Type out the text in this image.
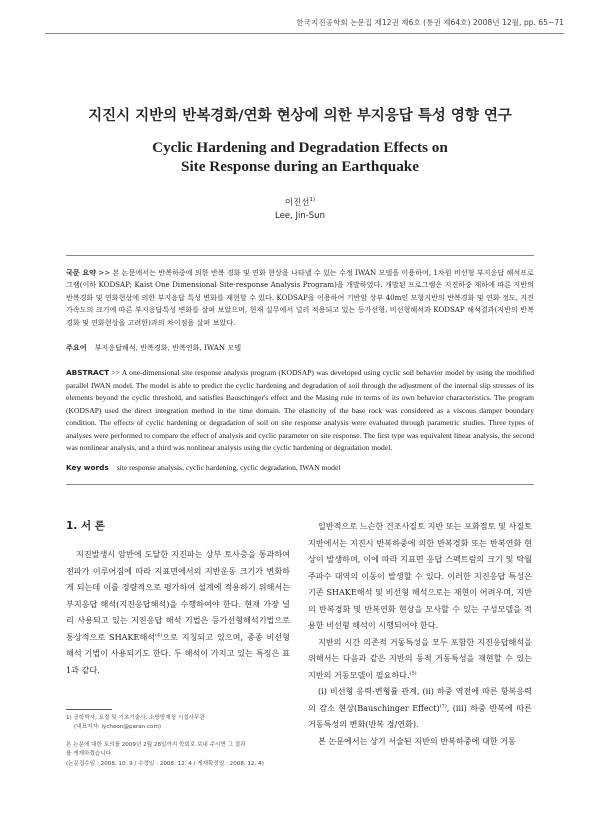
한국지진공학회 논문집 제12권 제6호 (통권 제64호) 2008년 12월, pp. 65~71
지진시 지반의 반복경화/연화 현상에 의한 부지응답 특성 영향 연구
Cyclic Hardening and Degradation Effects on
Site Response during an Earthquake
이진선$^{1)}$
Lee, Jin-Sun
국문 요약 >> 본 논문에서는 반복하중에 의한 반복 경화 및 연화 현상을 나타낼 수 있는 수정 IWAN 모델을 이용하여, 1차원 비선형 부지응답 해석프로그램(이하 KODSAP; Kaist One Dimensional Site-response Analysis Program)을 개발하였다. 개발된 프로그램은 지진하중 재하에 따른 지반의 반복경화 및 연화현상에 의한 부지응답 특성 변화를 재현할 수 있다. KODSAP을 이용하여 기반암 상부 40m인 모형지반의 반복경화 및 연화 정도, 지진가속도의 크기에 따른 부지응답특성 변화를 살펴 보았으며, 현재 실무에서 널리 적용되고 있는 등가선형, 비선형해석과 KODSAP 해석결과(지반의 반복경화 및 연화현상을 고려한)과의 차이점을 살펴 보았다.
주요어 부지응답해석, 반복경화, 반복연화, IWAN 모델
ABSTRACT >> A one-dimensional site response analysis program (KODSAP) was developed using cyclic soil behavior model by using the modified parallel IWAN model. The model is able to predict the cyclic hardening and degradation of soil through the adjustment of the internal slip stresses of its elements beyond the cyclic threshold, and satisfies Bauschinger's effect and the Masing rule in terms of its own behavior characteristics. The program (KODSAP) used the direct integration method in the time domain. The elasticity of the base rock was considered as a viscous damper boundary condition. The effects of cyclic hardening or degradation of soil on site response analysis were evaluated through parametric studies. Three types of analyses were performed to compare the effect of analysis and cyclic parameter on site response. The first type was equivalent linear analysis, the second was nonlinear analysis, and a third was nonlinear analysis using the cyclic hardening or degradation model.
Key words site response analysis, cyclic hardening, cyclic degradation, IWAN model
1. 서 론

지진발생시 암반에 도달한 지진파는 상부 토사층을 통과하여 전파가 이루어짐에 따라 지표면에서의 지반운동 크기가 변화하게 되는데 이를 정량적으로 평가하여 설계에 적용하기 위해서는 부지응답 해석(지진응답해석)을 수행하여야 한다. 현재 가장 널리 사용되고 있는 지진응답 해석 기법은 등가선형해석기법으로 통상적으로 SHAKE해석$^{(4)}$으로 지칭되고 있으며, 종종 비선형 해석 기법이 사용되기도 한다. 두 해석이 가지고 있는 특징은 표 1과 같다.

일반적으로 느슨한 건조사질토 지반 또는 포화점토 및 사질토 지반에서는 지진시 반복하중에 의한 반복경화 또는 반복연화 현상이 발생하며, 이에 따라 지표면 응답 스펙트럼의 크기 및 탁월 주파수 대역의 이동이 발생할 수 있다. 이러한 지진응답 특성은 기존 SHAKE해석 및 비선형 해석으로는 재현이 어려우며, 지반의 반복경화 및 반복연화 현상을 모사할 수 있는 구성모델을 적용한 비선형 해석이 시행되어야 한다.

지반의 시간 의존적 거동특성을 모두 포함한 지진응답해석을 위해서는 다음과 같은 지반의 동적 거동특성을 재현할 수 있는 지반의 거동모델이 필요하다.$^{(5)}$

(i) 비선형 응력-변형률 관계, (ii) 하중 역전에 따른 항복응력의 감소 현상(Bauschinger Effect)$^{(7)}$, (iii) 하중 반복에 따른 거동특성의 변화(반복 경/연화).

본 논문에서는 상기 서술된 지반의 반복하중에 대한 거동

1) 공학박사, 토질 및 기초기술사, 소방방재청 시설사무관
(대표저자: lycheon@paran.com)
본 논문에 대한 토의를 2009년 2월 28일까지 학회로 보내 주시면 그 결과
를 게재하겠습니다.
(논문접수일 : 2008. 10. 9 / 수정일 : 2008. 12. 4 / 게재확정일 : 2008. 12. 4)
